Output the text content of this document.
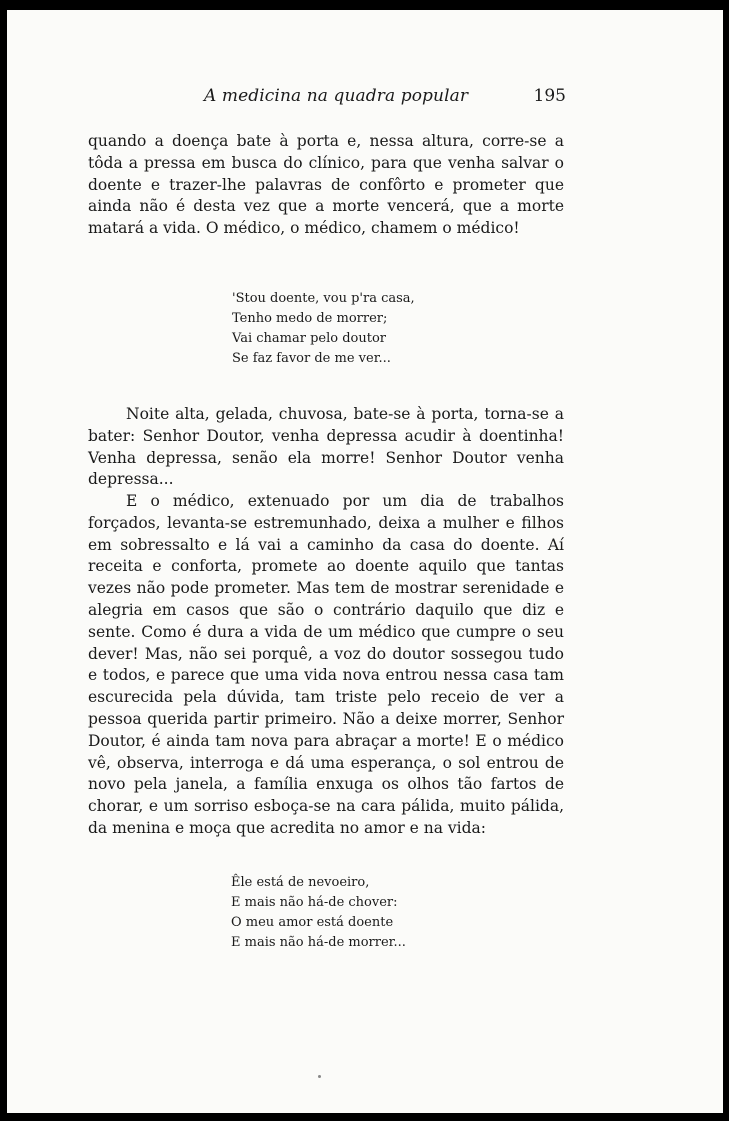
A medicina na quadra popular	195

quando a doença bate à porta e, nessa altura, corre-se a tôda a pressa em busca do clínico, para que venha salvar o doente e trazer-lhe palavras de confôrto e prometer que ainda não é desta vez que a morte vencerá, que a morte matará a vida. O médico, o médico, chamem o médico!

'Stou doente, vou p'ra casa,
Tenho medo de morrer;
Vai chamar pelo doutor
Se faz favor de me ver...

Noite alta, gelada, chuvosa, bate-se à porta, torna-se a bater: Senhor Doutor, venha depressa acudir à doentinha! Venha depressa, senão ela morre! Senhor Doutor venha depressa...

E o médico, extenuado por um dia de trabalhos forçados, levanta-se estremunhado, deixa a mulher e filhos em sobressalto e lá vai a caminho da casa do doente. Aí receita e conforta, promete ao doente aquilo que tantas vezes não pode prometer. Mas tem de mostrar serenidade e alegria em casos que são o contrário daquilo que diz e sente. Como é dura a vida de um médico que cumpre o seu dever! Mas, não sei porquê, a voz do doutor sossegou tudo e todos, e parece que uma vida nova entrou nessa casa tam escurecida pela dúvida, tam triste pelo receio de ver a pessoa querida partir primeiro. Não a deixe morrer, Senhor Doutor, é ainda tam nova para abraçar a morte! E o médico vê, observa, interroga e dá uma esperança, o sol entrou de novo pela janela, a família enxuga os olhos tão fartos de chorar, e um sorriso esboça-se na cara pálida, muito pálida, da menina e moça que acredita no amor e na vida:

Êle está de nevoeiro,
E mais não há-de chover:
O meu amor está doente
E mais não há-de morrer...
